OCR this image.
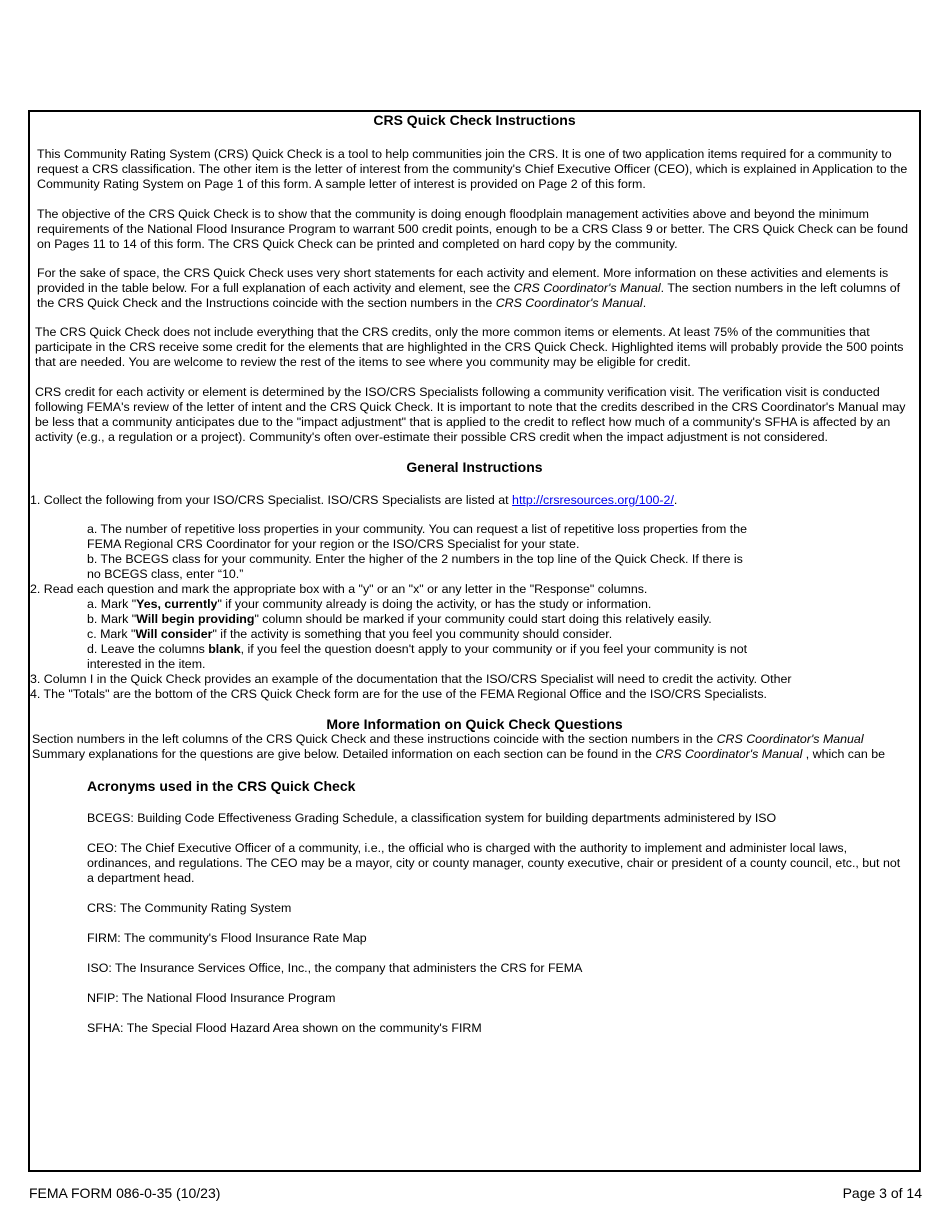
CRS Quick Check Instructions
This Community Rating System (CRS) Quick Check is a tool to help communities join the CRS. It is one of two application items required for a community to
request a CRS classification. The other item is the letter of interest from the community's Chief Executive Officer (CEO), which is explained in Application to the
Community Rating System on Page 1 of this form. A sample letter of interest is provided on Page 2 of this form.
The objective of the CRS Quick Check is to show that the community is doing enough floodplain management activities above and beyond the minimum
requirements of the National Flood Insurance Program to warrant 500 credit points, enough to be a CRS Class 9 or better. The CRS Quick Check can be found
on Pages 11 to 14 of this form. The CRS Quick Check can be printed and completed on hard copy by the community.
For the sake of space, the CRS Quick Check uses very short statements for each activity and element. More information on these activities and elements is
provided in the table below. For a full explanation of each activity and element, see the CRS Coordinator's Manual. The section numbers in the left columns of
the CRS Quick Check and the Instructions coincide with the section numbers in the CRS Coordinator's Manual.
The CRS Quick Check does not include everything that the CRS credits, only the more common items or elements. At least 75% of the communities that
participate in the CRS receive some credit for the elements that are highlighted in the CRS Quick Check. Highlighted items will probably provide the 500 points
that are needed. You are welcome to review the rest of the items to see where you community may be eligible for credit.
CRS credit for each activity or element is determined by the ISO/CRS Specialists following a community verification visit. The verification visit is conducted
following FEMA's review of the letter of intent and the CRS Quick Check. It is important to note that the credits described in the CRS Coordinator's Manual may
be less that a community anticipates due to the "impact adjustment" that is applied to the credit to reflect how much of a community's SFHA is affected by an
activity (e.g., a regulation or a project). Community's often over-estimate their possible CRS credit when the impact adjustment is not considered.
General Instructions
1. Collect the following from your ISO/CRS Specialist. ISO/CRS Specialists are listed at http://crsresources.org/100-2/.
a. The number of repetitive loss properties in your community. You can request a list of repetitive loss properties from the
FEMA Regional CRS Coordinator for your region or the ISO/CRS Specialist for your state.
b. The BCEGS class for your community. Enter the higher of the 2 numbers in the top line of the Quick Check. If there is
no BCEGS class, enter “10.”
2. Read each question and mark the appropriate box with a "y" or an "x" or any letter in the "Response" columns.
a. Mark "Yes, currently" if your community already is doing the activity, or has the study or information.
b. Mark "Will begin providing" column should be marked if your community could start doing this relatively easily.
c. Mark "Will consider" if the activity is something that you feel you community should consider.
d. Leave the columns blank, if you feel the question doesn't apply to your community or if you feel your community is not
interested in the item.
3. Column I in the Quick Check provides an example of the documentation that the ISO/CRS Specialist will need to credit the activity. Other
4. The "Totals" are the bottom of the CRS Quick Check form are for the use of the FEMA Regional Office and the ISO/CRS Specialists.
More Information on Quick Check Questions
Section numbers in the left columns of the CRS Quick Check and these instructions coincide with the section numbers in the CRS Coordinator's Manual
Summary explanations for the questions are give below. Detailed information on each section can be found in the CRS Coordinator's Manual , which can be
Acronyms used in the CRS Quick Check
BCEGS: Building Code Effectiveness Grading Schedule, a classification system for building departments administered by ISO
CEO: The Chief Executive Officer of a community, i.e., the official who is charged with the authority to implement and administer local laws,
ordinances, and regulations. The CEO may be a mayor, city or county manager, county executive, chair or president of a county council, etc., but not
a department head.
CRS: The Community Rating System
FIRM: The community's Flood Insurance Rate Map
ISO: The Insurance Services Office, Inc., the company that administers the CRS for FEMA
NFIP: The National Flood Insurance Program
SFHA: The Special Flood Hazard Area shown on the community's FIRM
FEMA FORM 086-0-35 (10/23)	Page 3 of 14
